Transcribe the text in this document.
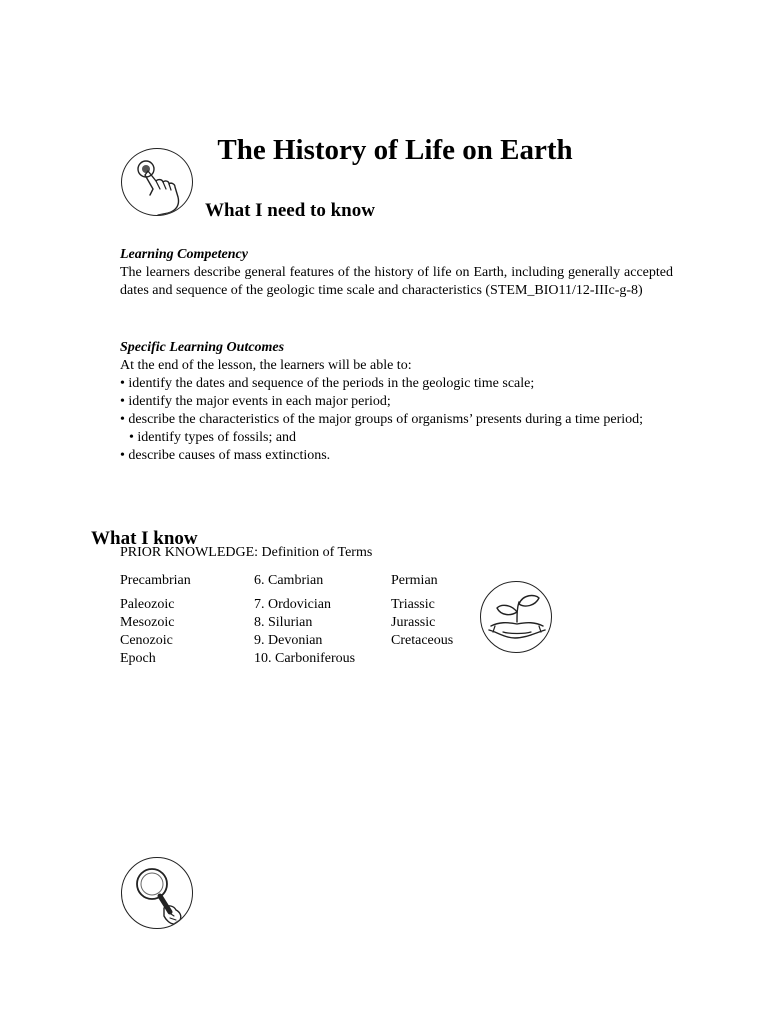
The History of Life on Earth
What I need to know
Learning Competency
The learners describe general features of the history of life on Earth, including generally accepted dates and sequence of the geologic time scale and characteristics (STEM_BIO11/12-IIIc-g-8)
Specific Learning Outcomes
At the end of the lesson, the learners will be able to:
• identify the dates and sequence of the periods in the geologic time scale;
• identify the major events in each major period;
• describe the characteristics of the major groups of organisms’ presents during a time period;
• identify types of fossils; and
• describe causes of mass extinctions.
What I know
PRIOR KNOWLEDGE: Definition of Terms
Precambrian
Paleozoic
Mesozoic
Cenozoic
Epoch
6. Cambrian
7. Ordovician
8. Silurian
9. Devonian
10. Carboniferous
Permian
Triassic
Jurassic
Cretaceous
